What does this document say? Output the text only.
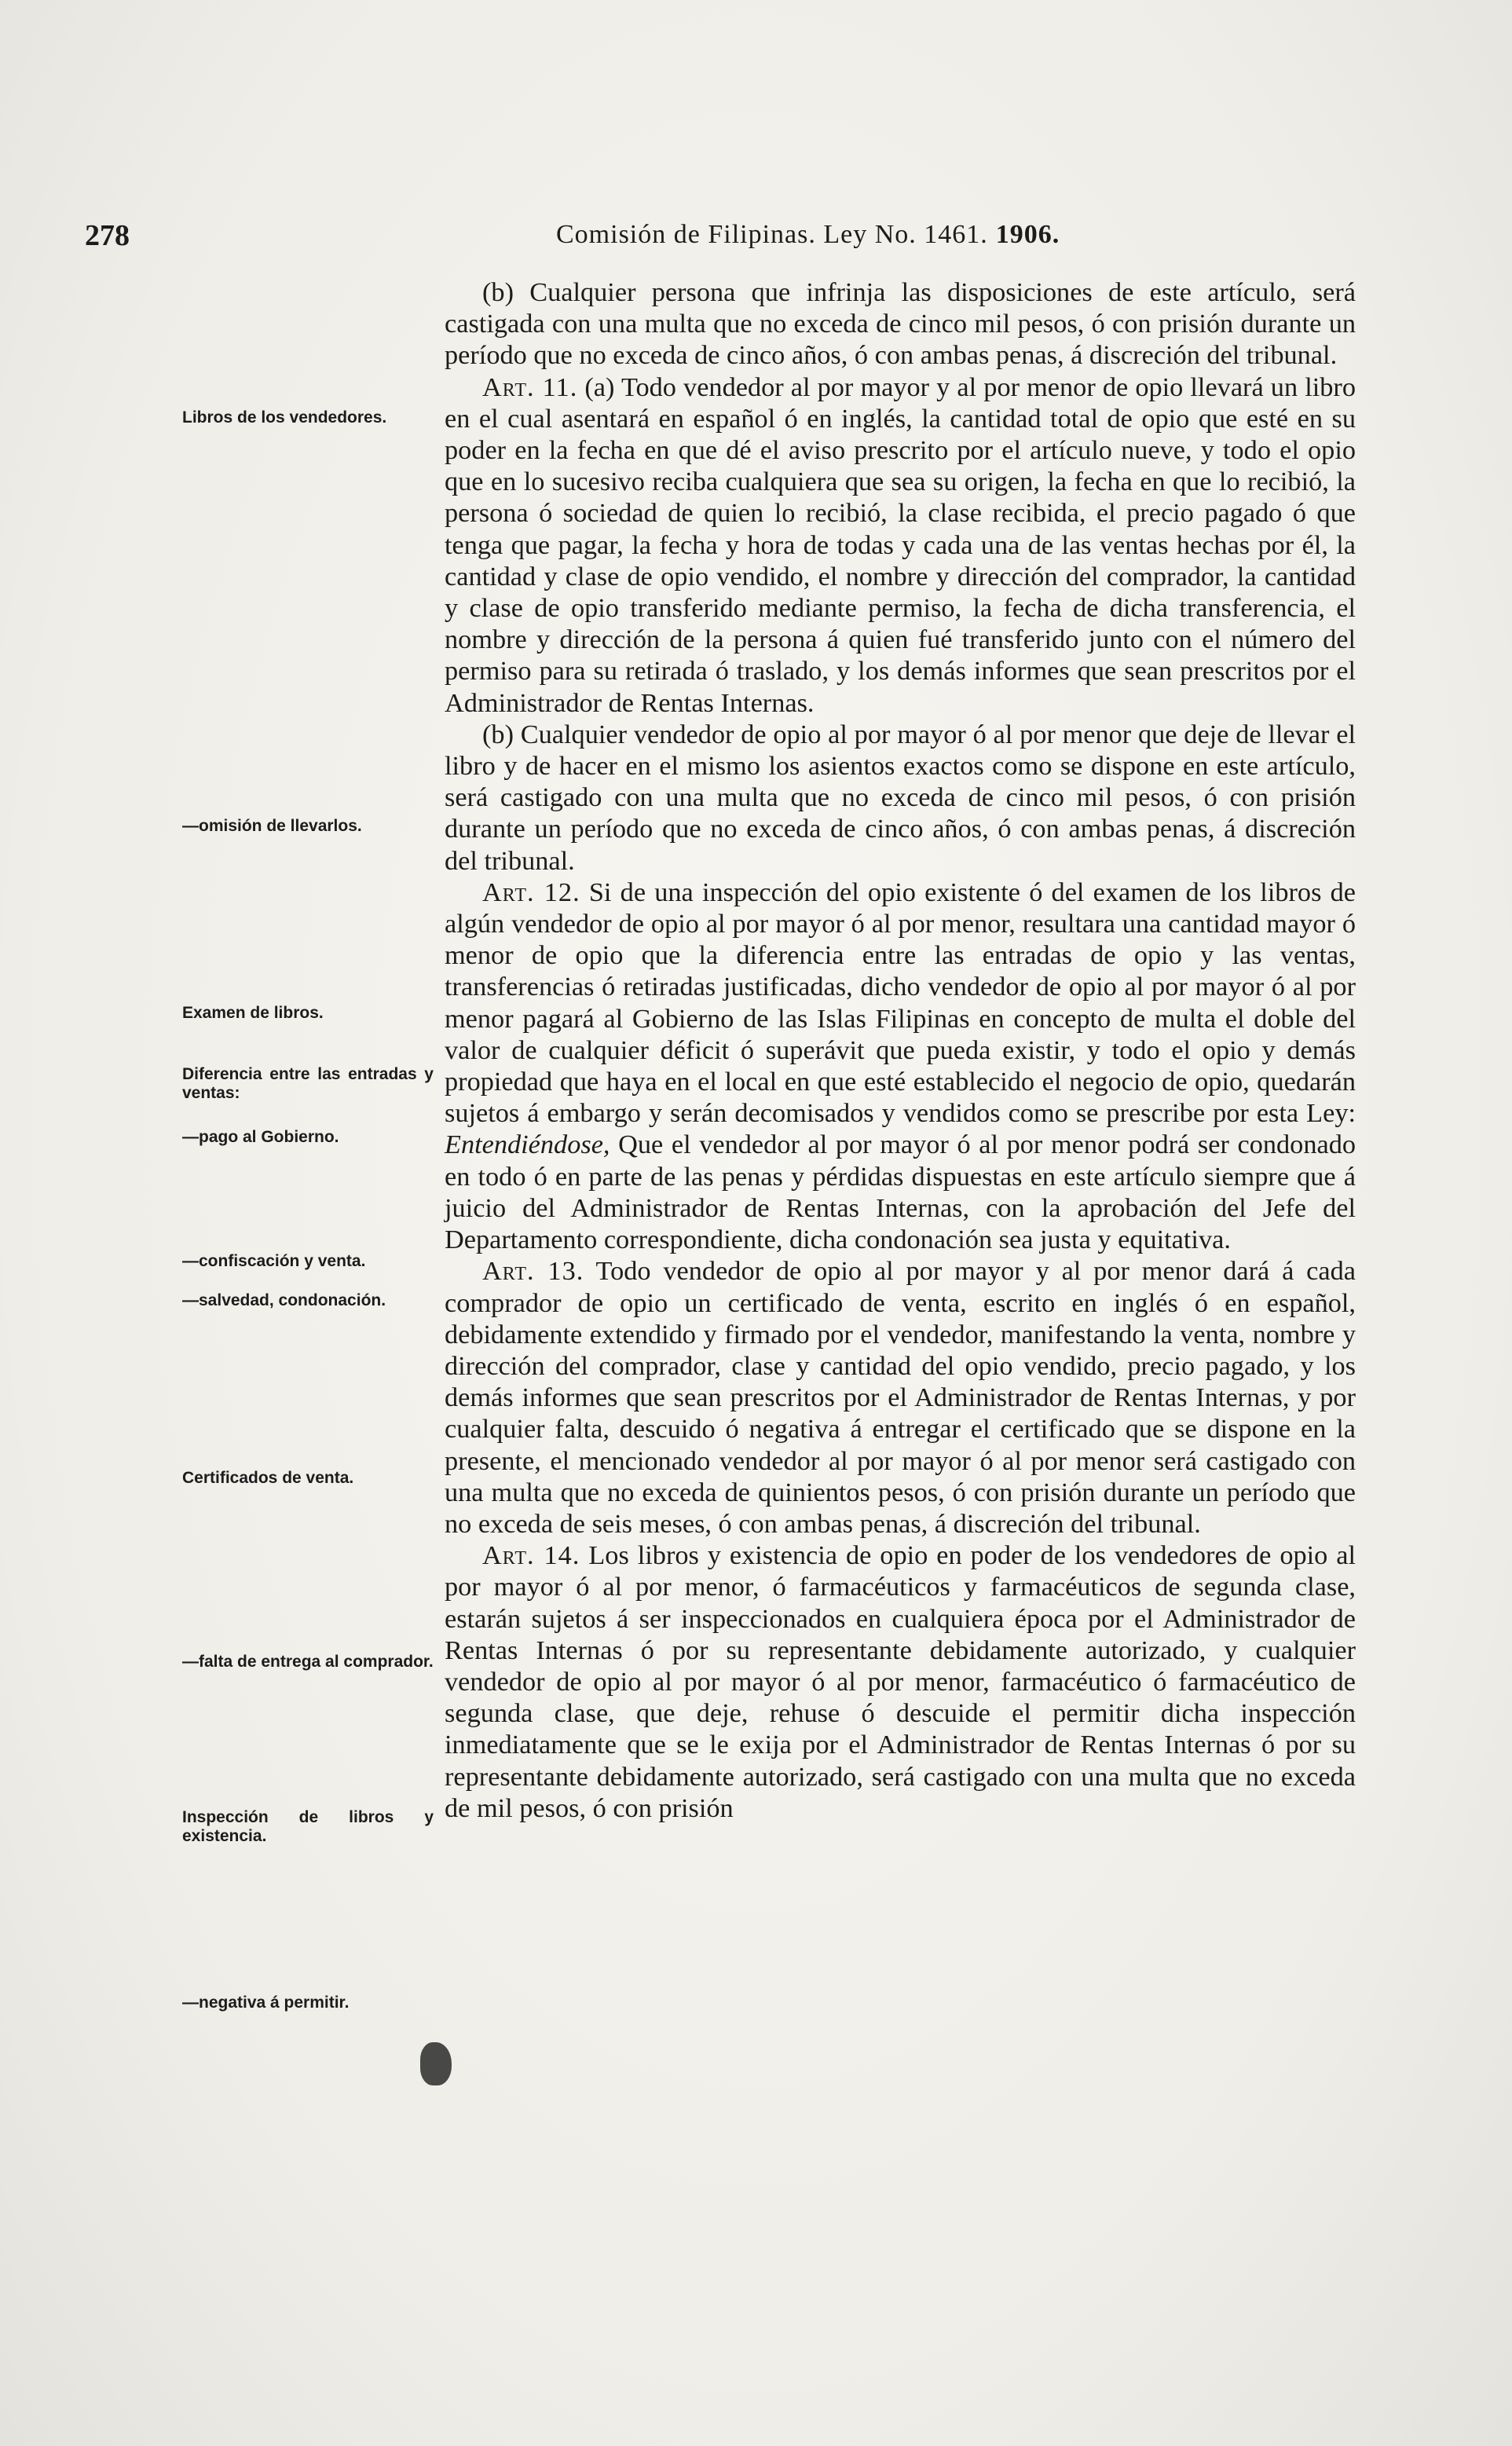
278	Comisión de Filipinas. Ley No. 1461. 1906.
Libros de los vendedores.
—omisión de llevarlos.
Examen de libros.
Diferencia entre las entradas y ventas:
—pago al Gobierno.
—confiscación y venta.
—salvedad, condonación.
Certificados de venta.
—falta de entrega al comprador.
Inspección de libros y existencia.
—negativa á permitir.

(b) Cualquier persona que infrinja las disposiciones de este artículo, será castigada con una multa que no exceda de cinco mil pesos, ó con prisión durante un período que no exceda de cinco años, ó con ambas penas, á discreción del tribunal.

Art. 11. (a) Todo vendedor al por mayor y al por menor de opio llevará un libro en el cual asentará en español ó en inglés, la cantidad total de opio que esté en su poder en la fecha en que dé el aviso prescrito por el artículo nueve, y todo el opio que en lo sucesivo reciba cualquiera que sea su origen, la fecha en que lo recibió, la persona ó sociedad de quien lo recibió, la clase recibida, el precio pagado ó que tenga que pagar, la fecha y hora de todas y cada una de las ventas hechas por él, la cantidad y clase de opio vendido, el nombre y dirección del comprador, la cantidad y clase de opio transferido mediante permiso, la fecha de dicha transferencia, el nombre y dirección de la persona á quien fué transferido junto con el número del permiso para su retirada ó traslado, y los demás informes que sean prescritos por el Administrador de Rentas Internas.

(b) Cualquier vendedor de opio al por mayor ó al por menor que deje de llevar el libro y de hacer en el mismo los asientos exactos como se dispone en este artículo, será castigado con una multa que no exceda de cinco mil pesos, ó con prisión durante un período que no exceda de cinco años, ó con ambas penas, á discreción del tribunal.

Art. 12. Si de una inspección del opio existente ó del examen de los libros de algún vendedor de opio al por mayor ó al por menor, resultara una cantidad mayor ó menor de opio que la diferencia entre las entradas de opio y las ventas, transferencias ó retiradas justificadas, dicho vendedor de opio al por mayor ó al por menor pagará al Gobierno de las Islas Filipinas en concepto de multa el doble del valor de cualquier déficit ó superávit que pueda existir, y todo el opio y demás propiedad que haya en el local en que esté establecido el negocio de opio, quedarán sujetos á embargo y serán decomisados y vendidos como se prescribe por esta Ley: Entendiéndose, Que el vendedor al por mayor ó al por menor podrá ser condonado en todo ó en parte de las penas y pérdidas dispuestas en este artículo siempre que á juicio del Administrador de Rentas Internas, con la aprobación del Jefe del Departamento correspondiente, dicha condonación sea justa y equitativa.

Art. 13. Todo vendedor de opio al por mayor y al por menor dará á cada comprador de opio un certificado de venta, escrito en inglés ó en español, debidamente extendido y firmado por el vendedor, manifestando la venta, nombre y dirección del comprador, clase y cantidad del opio vendido, precio pagado, y los demás informes que sean prescritos por el Administrador de Rentas Internas, y por cualquier falta, descuido ó negativa á entregar el certificado que se dispone en la presente, el mencionado vendedor al por mayor ó al por menor será castigado con una multa que no exceda de quinientos pesos, ó con prisión durante un período que no exceda de seis meses, ó con ambas penas, á discreción del tribunal.

Art. 14. Los libros y existencia de opio en poder de los vendedores de opio al por mayor ó al por menor, ó farmacéuticos y farmacéuticos de segunda clase, estarán sujetos á ser inspeccionados en cualquiera época por el Administrador de Rentas Internas ó por su representante debidamente autorizado, y cualquier vendedor de opio al por mayor ó al por menor, farmacéutico ó farmacéutico de segunda clase, que deje, rehuse ó descuide el permitir dicha inspección inmediatamente que se le exija por el Administrador de Rentas Internas ó por su representante debidamente autorizado, será castigado con una multa que no exceda de mil pesos, ó con prisión
